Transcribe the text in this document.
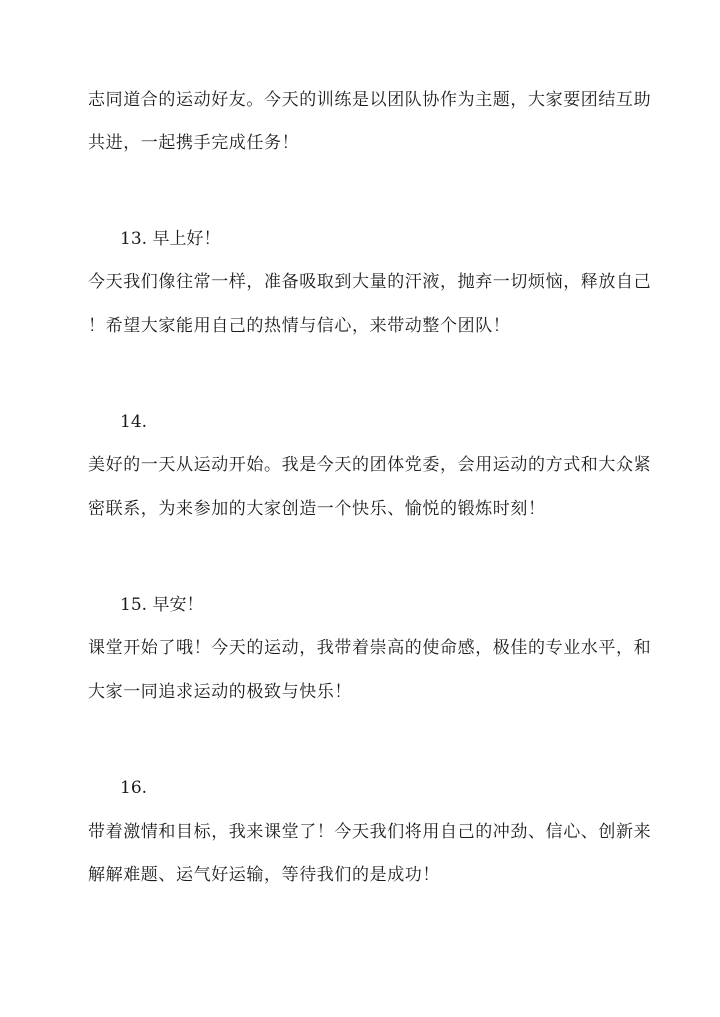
志同道合的运动好友。今天的训练是以团队协作为主题，大家要团结互助
共进，一起携手完成任务！
13. 早上好！
今天我们像往常一样，准备吸取到大量的汗液，抛弃一切烦恼，释放自己
！希望大家能用自己的热情与信心，来带动整个团队！
14.
美好的一天从运动开始。我是今天的团体党委，会用运动的方式和大众紧
密联系，为来参加的大家创造一个快乐、愉悦的锻炼时刻！
15. 早安！
课堂开始了哦！今天的运动，我带着崇高的使命感，极佳的专业水平，和
大家一同追求运动的极致与快乐！
16.
带着激情和目标，我来课堂了！今天我们将用自己的冲劲、信心、创新来
解解难题、运气好运输，等待我们的是成功！
